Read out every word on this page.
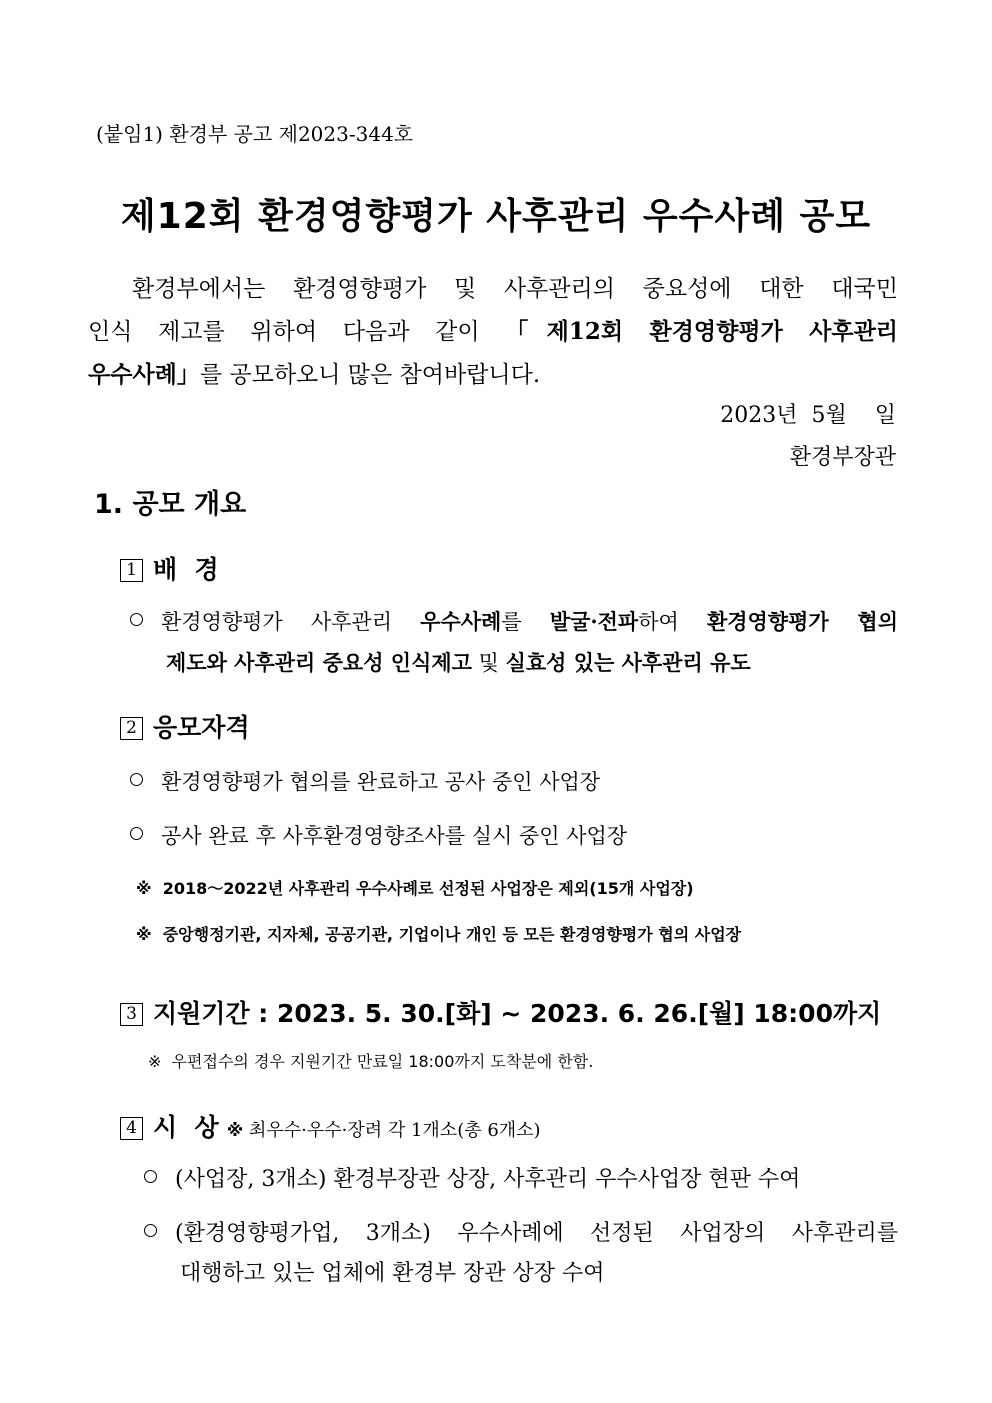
(붙임1) 환경부 공고 제2023-344호
제12회 환경영향평가 사후관리 우수사례 공모
환경부에서는 환경영향평가 및 사후관리의 중요성에 대한 대국민
인식 제고를 위하여 다음과 같이 「제12회 환경영향평가 사후관리
우수사례」를 공모하오니 많은 참여바랍니다.
2023년  5월    일
환경부장관
1. 공모 개요
1 배  경
환경영향평가 사후관리 우수사례를 발굴·전파하여 환경영향평가 협의
제도와 사후관리 중요성 인식제고 및 실효성 있는 사후관리 유도
2 응모자격
환경영향평가 협의를 완료하고 공사 중인 사업장
공사 완료 후 사후환경영향조사를 실시 중인 사업장
※  2018～2022년 사후관리 우수사례로 선정된 사업장은 제외(15개 사업장)
※  중앙행정기관, 지자체, 공공기관, 기업이나 개인 등 모든 환경영향평가 협의 사업장
3 지원기간 : 2023. 5. 30.[화] ~ 2023. 6. 26.[월] 18:00까지
※  우편접수의 경우 지원기간 만료일 18:00까지 도착분에 한함.
4 시  상 ※ 최우수·우수·장려 각 1개소(총 6개소)
(사업장, 3개소) 환경부장관 상장, 사후관리 우수사업장 현판 수여
(환경영향평가업, 3개소) 우수사례에 선정된 사업장의 사후관리를
대행하고 있는 업체에 환경부 장관 상장 수여
